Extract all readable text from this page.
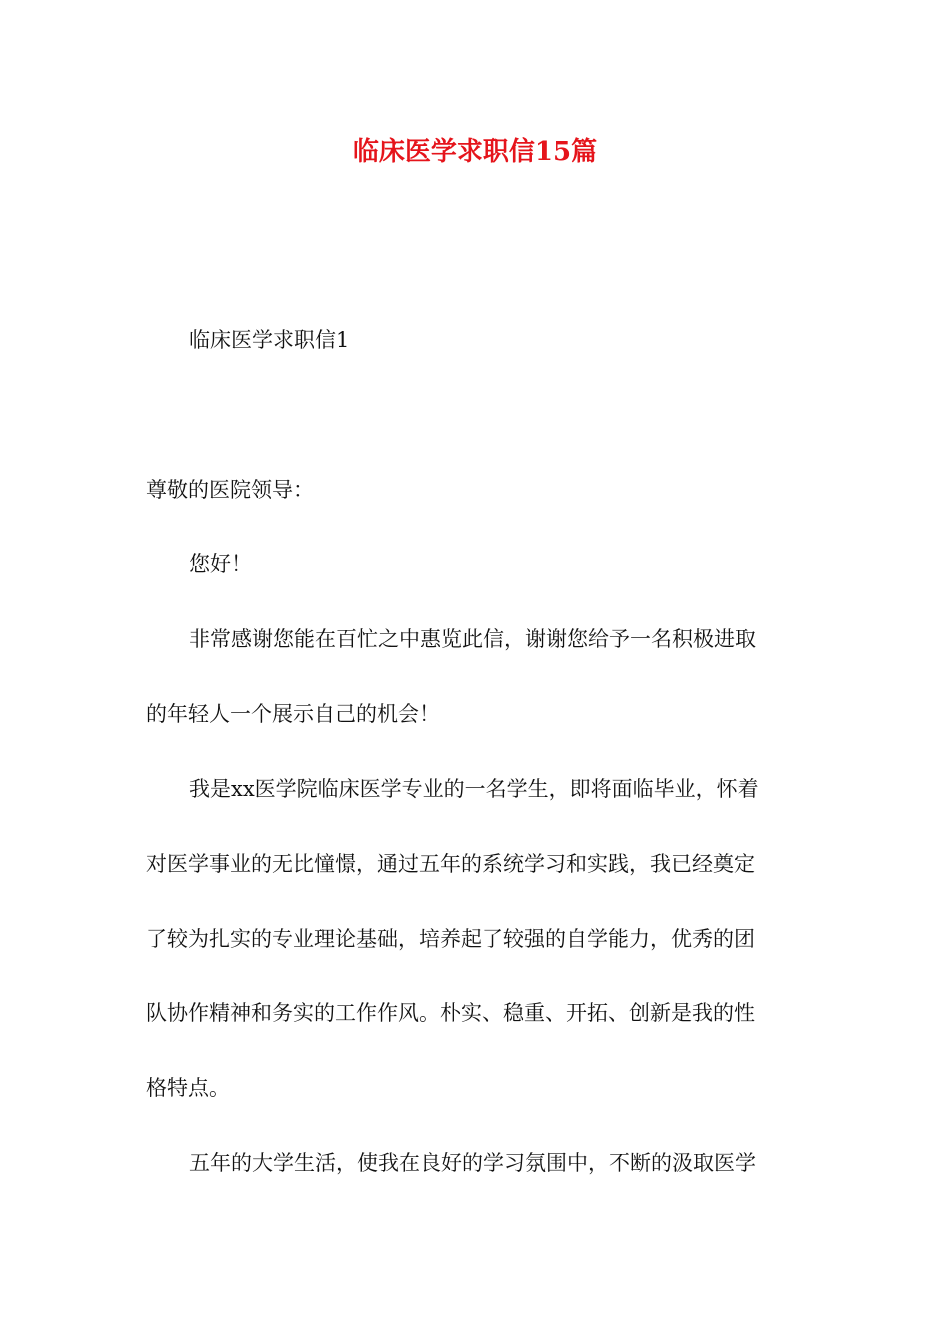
临床医学求职信15篇

临床医学求职信1

尊敬的医院领导：

您好！

非常感谢您能在百忙之中惠览此信，谢谢您给予一名积极进取

的年轻人一个展示自己的机会！

我是xx医学院临床医学专业的一名学生，即将面临毕业，怀着

对医学事业的无比憧憬，通过五年的系统学习和实践，我已经奠定

了较为扎实的专业理论基础，培养起了较强的自学能力，优秀的团

队协作精神和务实的工作作风。朴实、稳重、开拓、创新是我的性

格特点。

五年的大学生活，使我在良好的学习氛围中，不断的汲取医学
